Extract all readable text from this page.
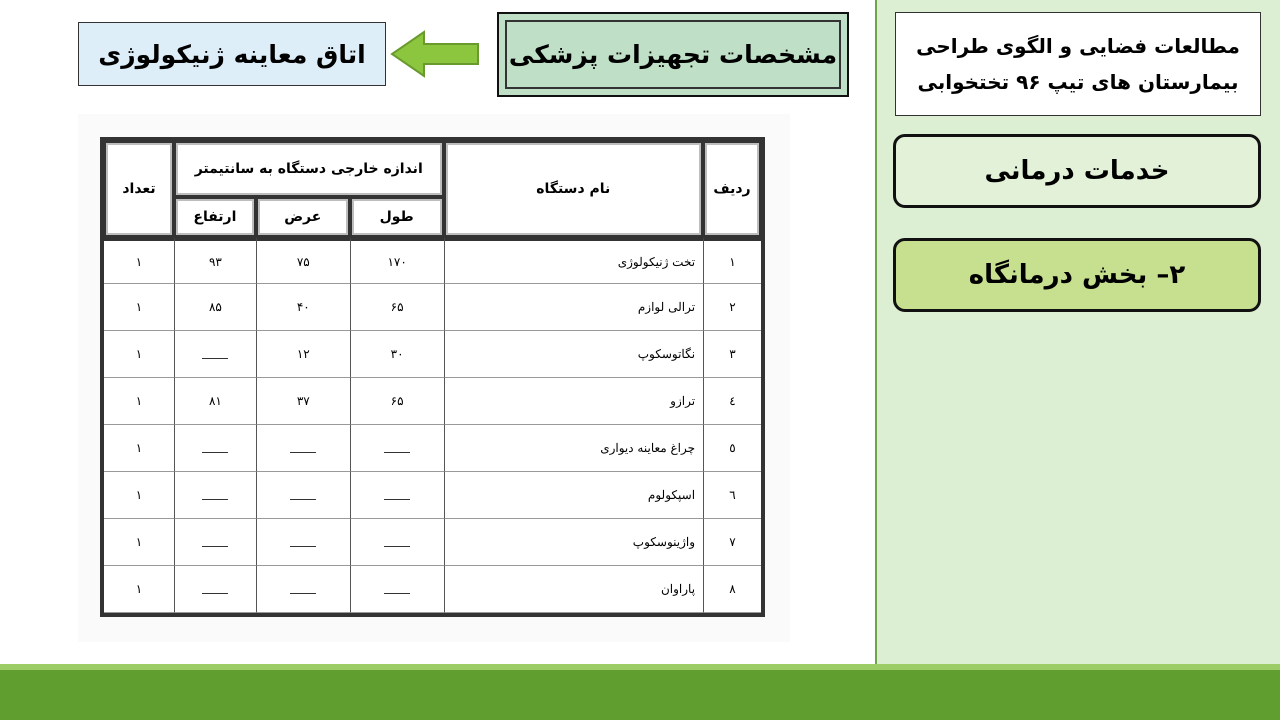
مطالعات فضایی و الگوی طراحی
بیمارستان های تیپ ۹۶ تختخوابی
خدمات درمانی
۲– بخش درمانگاه
مشخصات تجهیزات پزشکی
اتاق معاینه ژنیکولوژی
ردیف	نام دستگاه	اندازه خارجی دستگاه به سانتیمتر			تعداد
		طول	عرض	ارتفاع	
۱	تخت ژنیکولوژی	۱۷۰	۷۵	۹۳	۱
۲	ترالی لوازم	۶۵	۴۰	۸۵	۱
۳	نگاتوسکوپ	۳۰	۱۲		۱
٤	ترازو	۶۵	۳۷	۸۱	۱
٥	چراغ معاینه دیواری				۱
٦	اسپکولوم				۱
۷	واژینوسکوپ				۱
۸	پاراوان				۱
